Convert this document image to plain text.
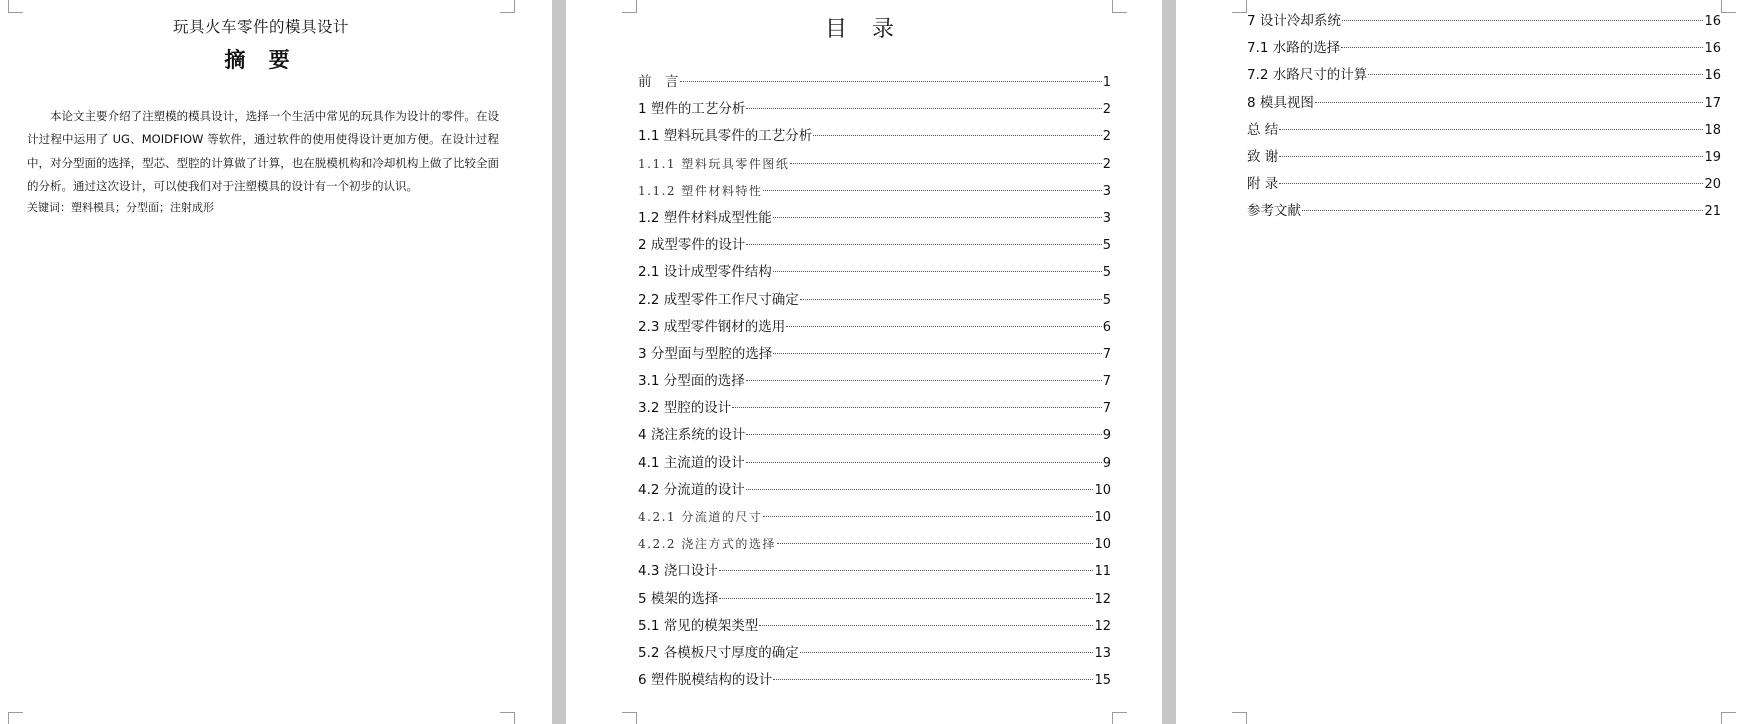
玩具火车零件的模具设计
摘 要
本论文主要介绍了注塑模的模具设计，选择一个生活中常见的玩具作为设计的零件。在设计过程中运用了 UG、MOIDFIOW 等软件，通过软件的使用使得设计更加方便。在设计过程中，对分型面的选择，型芯、型腔的计算做了计算，也在脱模机构和冷却机构上做了比较全面的分析。通过这次设计，可以使我们对于注塑模具的设计有一个初步的认识。
关键词：塑料模具；分型面；注射成形
目 录
前　言	1
1 塑件的工艺分析	2
1.1 塑料玩具零件的工艺分析	2
1.1.1 塑料玩具零件图纸	2
1.1.2 塑件材料特性	3
1.2 塑件材料成型性能	3
2 成型零件的设计	5
2.1 设计成型零件结构	5
2.2 成型零件工作尺寸确定	5
2.3 成型零件钢材的选用	6
3 分型面与型腔的选择	7
3.1 分型面的选择	7
3.2 型腔的设计	7
4 浇注系统的设计	9
4.1 主流道的设计	9
4.2 分流道的设计	10
4.2.1 分流道的尺寸	10
4.2.2 浇注方式的选择	10
4.3 浇口设计	11
5 模架的选择	12
5.1 常见的模架类型	12
5.2 各模板尺寸厚度的确定	13
6 塑件脱模结构的设计	15
7 设计冷却系统	16
7.1 水路的选择	16
7.2 水路尺寸的计算	16
8 模具视图	17
总 结	18
致 谢	19
附 录	20
参考文献	21
